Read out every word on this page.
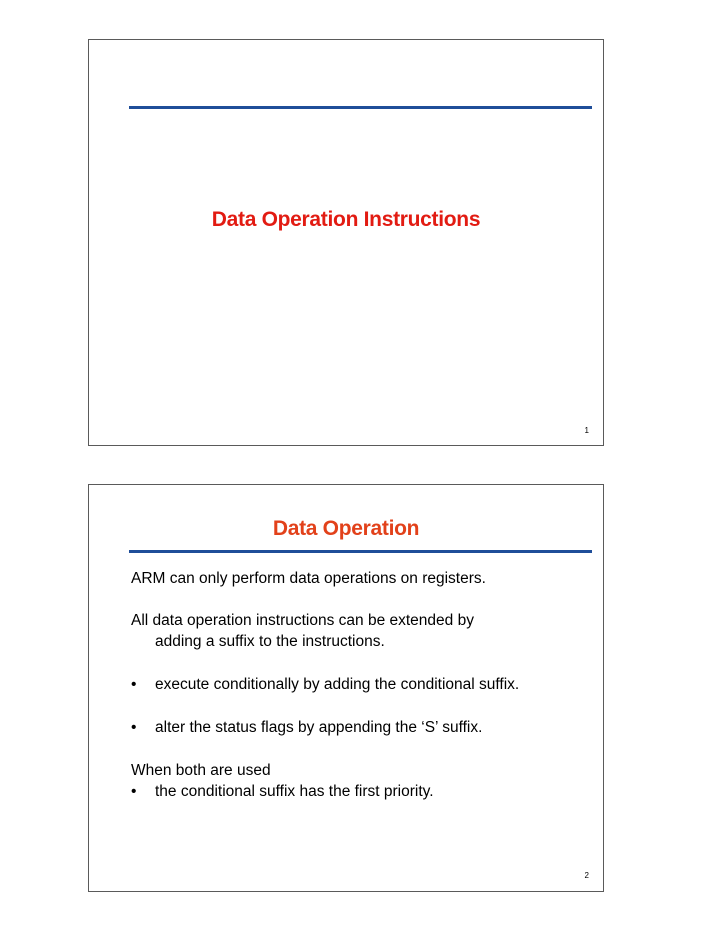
Data Operation Instructions
1
Data Operation
ARM can only perform data operations on registers.
All data operation instructions can be extended by
adding a suffix to the instructions.
• execute conditionally by adding the conditional suffix.
• alter the status flags by appending the ‘S’ suffix.
When both are used
• the conditional suffix has the first priority.
2
